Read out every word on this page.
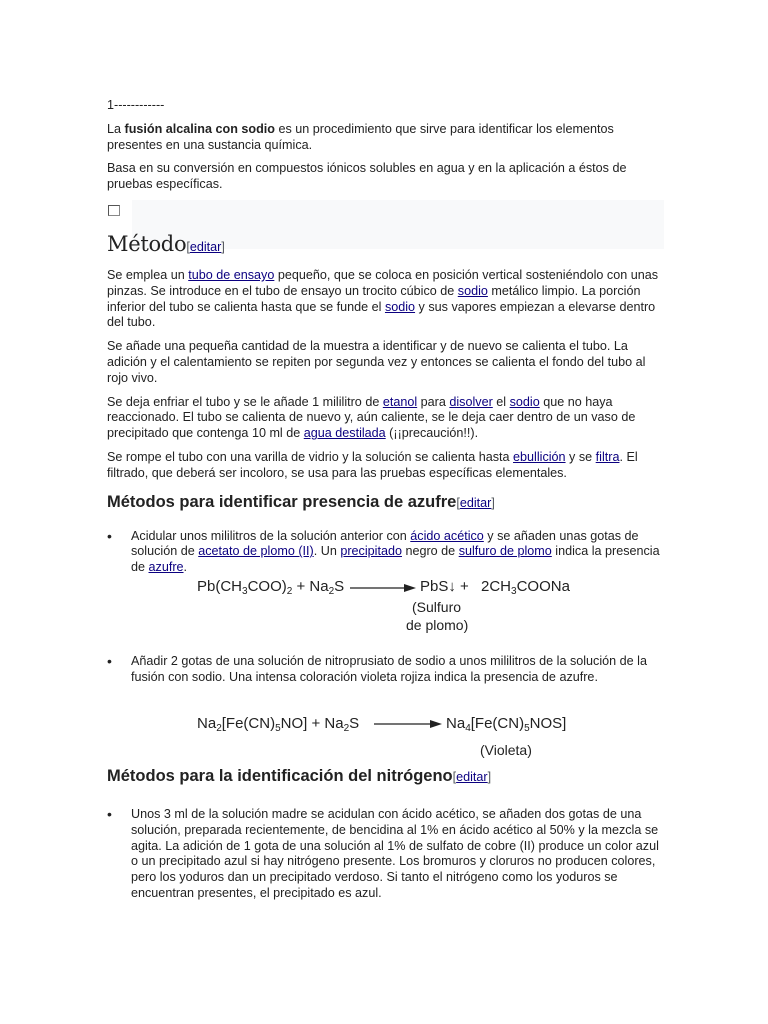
1------------

La fusión alcalina con sodio es un procedimiento que sirve para identificar los elementos presentes en una sustancia química.

Basa en su conversión en compuestos iónicos solubles en agua y en la aplicación a éstos de pruebas específicas.

Método[editar]

Se emplea un tubo de ensayo pequeño, que se coloca en posición vertical sosteniéndolo con unas pinzas. Se introduce en el tubo de ensayo un trocito cúbico de sodio metálico limpio. La porción inferior del tubo se calienta hasta que se funde el sodio y sus vapores empiezan a elevarse dentro del tubo.

Se añade una pequeña cantidad de la muestra a identificar y de nuevo se calienta el tubo. La adición y el calentamiento se repiten por segunda vez y entonces se calienta el fondo del tubo al rojo vivo.

Se deja enfriar el tubo y se le añade 1 mililitro de etanol para disolver el sodio que no haya reaccionado. El tubo se calienta de nuevo y, aún caliente, se le deja caer dentro de un vaso de precipitado que contenga 10 ml de agua destilada (¡¡precaución!!).

Se rompe el tubo con una varilla de vidrio y la solución se calienta hasta ebullición y se filtra. El filtrado, que deberá ser incoloro, se usa para las pruebas específicas elementales.

Métodos para identificar presencia de azufre[editar]
• Acidular unos mililitros de la solución anterior con ácido acético y se añaden unas gotas de solución de acetato de plomo (II). Un precipitado negro de sulfuro de plomo indica la presencia de azufre.
$Pb(CH_3COO)_2 + Na_2S$	PbS↓ + $2CH_3COONa$
(Sulfuro
de plomo)
• Añadir 2 gotas de una solución de nitroprusiato de sodio a unos mililitros de la solución de la fusión con sodio. Una intensa coloración violeta rojiza indica la presencia de azufre.
$Na_2[Fe(CN)_5NO] + Na_2S$	$Na_4[Fe(CN)_5NOS]$
(Violeta)
Métodos para la identificación del nitrógeno[editar]
• Unos 3 ml de la solución madre se acidulan con ácido acético, se añaden dos gotas de una solución, preparada recientemente, de bencidina al 1% en ácido acético al 50% y la mezcla se agita. La adición de 1 gota de una solución al 1% de sulfato de cobre (II) produce un color azul o un precipitado azul si hay nitrógeno presente. Los bromuros y cloruros no producen colores, pero los yoduros dan un precipitado verdoso. Si tanto el nitrógeno como los yoduros se encuentran presentes, el precipitado es azul.
